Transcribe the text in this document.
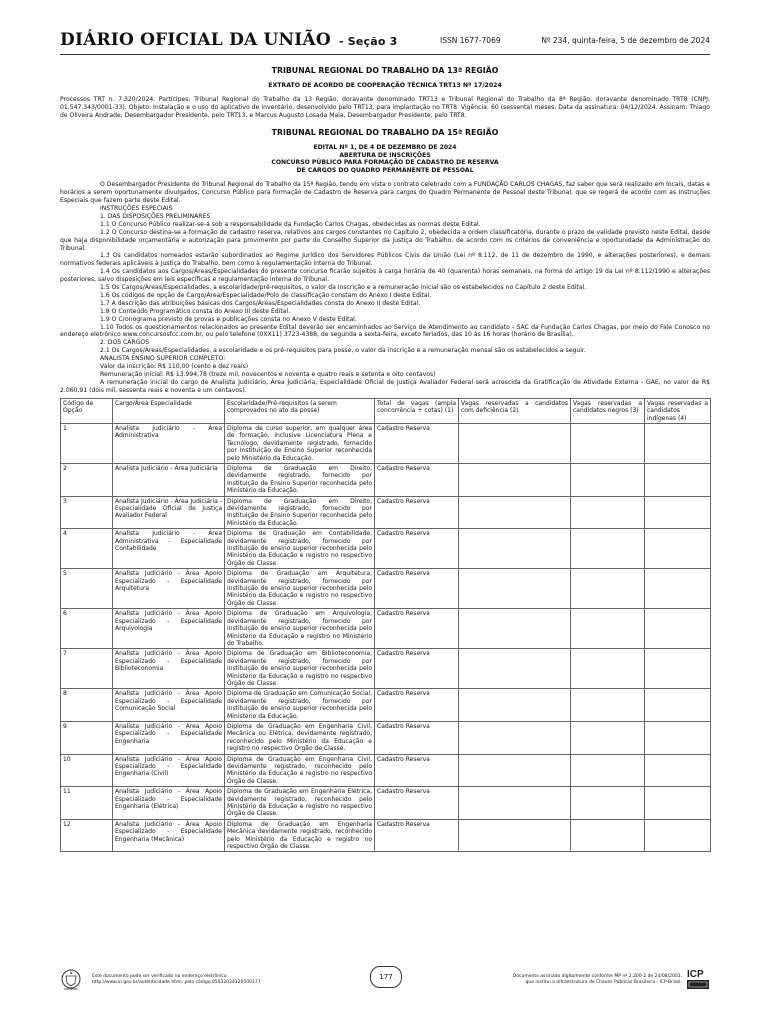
DIÁRIO OFICIAL DA UNIÃO - Seção 3	ISSN 1677-7069	Nº 234, quinta-feira, 5 de dezembro de 2024
TRIBUNAL REGIONAL DO TRABALHO DA 13ª REGIÃO
EXTRATO DE ACORDO DE COOPERAÇÃO TÉCNICA TRT13 Nº 17/2024
Processos TRT n. 7.320/2024. Partícipes: Tribunal Regional do Trabalho da 13 Região, doravante denominado TRT13 e Tribunal Regional do Trabalho da 8ª Região, doravante denominado TRT8 (CNPJ: 01.547.343/0001-33). Objeto: Instalação e o uso do aplicativo de inventário, desenvolvido pelo TRT13, para implantação no TRT8. Vigência: 60 (sessenta) meses. Data da assinatura: 04/12/2024. Assinam: Thiago de Oliveira Andrade, Desembargador Presidente, pelo TRT13, e Marcus Augusto Losada Maia, Desembargador Presidente, pelo TRT8.
TRIBUNAL REGIONAL DO TRABALHO DA 15ª REGIÃO
EDITAL Nº 1, DE 4 DE DEZEMBRO DE 2024
ABERTURA DE INSCRIÇÕES
CONCURSO PÚBLICO PARA FORMAÇÃO DE CADASTRO DE RESERVA
DE CARGOS DO QUADRO PERMANENTE DE PESSOAL

O Desembargador Presidente do Tribunal Regional do Trabalho da 15ª Região, tendo em vista o contrato celebrado com a FUNDAÇÃO CARLOS CHAGAS, faz saber que será realizado em locais, datas e horários a serem oportunamente divulgados, Concurso Público para formação de Cadastro de Reserva para cargos do Quadro Permanente de Pessoal deste Tribunal, que se regerá de acordo com as Instruções Especiais que fazem parte deste Edital.

INSTRUÇÕES ESPECIAIS
1. DAS DISPOSIÇÕES PRELIMINARES

1.1 O Concurso Público realizar-se-á sob a responsabilidade da Fundação Carlos Chagas, obedecidas as normas deste Edital.

1.2 O Concurso destina-se a formação de cadastro reserva, relativos aos cargos constantes no Capítulo 2, obedecida a ordem classificatória, durante o prazo de validade previsto neste Edital, desde que haja disponibilidade orçamentária e autorização para provimento por parte do Conselho Superior da Justiça do Trabalho, de acordo com os critérios de conveniência e oportunidade da Administração do Tribunal.

1.3 Os candidatos nomeados estarão subordinados ao Regime Jurídico dos Servidores Públicos Civis da União (Lei nº 8.112, de 11 de dezembro de 1990, e alterações posteriores), e demais normativos federais aplicáveis à Justiça do Trabalho, bem como à regulamentação interna do Tribunal.

1.4 Os candidatos aos Cargos/Áreas/Especialidades do presente concurso ficarão sujeitos à carga horária de 40 (quarenta) horas semanais, na forma do artigo 19 da Lei nº 8.112/1990 e alterações posteriores, salvo disposições em leis específicas e regulamentação interna do Tribunal.

1.5 Os Cargos/Áreas/Especialidades, a escolaridade/pré-requisitos, o valor da inscrição e a remuneração inicial são os estabelecidos no Capítulo 2 deste Edital.

1.6 Os códigos de opção de Cargo/Área/Especialidade/Polo de classificação constam do Anexo I deste Edital.

1.7 A descrição das atribuições básicas dos Cargos/Áreas/Especialidades consta do Anexo II deste Edital.

1.8 O Conteúdo Programático consta do Anexo III deste Edital.

1.9 O Cronograma previsto de provas e publicações consta no Anexo V deste Edital.

1.10 Todos os questionamentos relacionados ao presente Edital deverão ser encaminhados ao Serviço de Atendimento ao candidato - SAC da Fundação Carlos Chagas, por meio do Fale Conosco no endereço eletrônico www.concursosfcc.com.br, ou pelo telefone (0XX11) 3723-4388, de segunda a sexta-feira, exceto feriados, das 10 às 16 horas (horário de Brasília).

2. DOS CARGOS

2.1 Os Cargos/Áreas/Especialidades, a escolaridade e os pré-requisitos para posse, o valor da inscrição e a remuneração mensal são os estabelecidos a seguir.

ANALISTA ENSINO SUPERIOR COMPLETO:
Valor da inscrição: R$ 110,00 (cento e dez reais)
Remuneração inicial: R$ 13.994,78 (treze mil, novecentos e noventa e quatro reais e setenta e oito centavos)

A remuneração inicial do cargo de Analista Judiciário, Área Judiciária, Especialidade Oficial de Justiça Avaliador Federal será acrescida da Gratificação de Atividade Externa - GAE, no valor de R$ 2.060,91 (dois mil, sessenta reais e noventa e um centavos).

Código de Opção	Cargo/Área Especialidade	Escolaridade/Pré-requisitos (a serem comprovados no ato da posse)	Total de vagas (ampla concorrência + cotas) (1)	Vagas reservadas a candidatos com deficiência (2)	Vagas reservadas a candidatos negros (3)	Vagas reservadas a candidatos indígenas (4)
1	Analista Judiciário - Área Administrativa	Diploma de curso superior, em qualquer área de formação, inclusive Licenciatura Plena e Tecnólogo, devidamente registrado, fornecido por Instituição de Ensino Superior reconhecida pelo Ministério da Educação.	Cadastro Reserva			
2	Analista Judiciário - Área Judiciária	Diploma de Graduação em Direito, devidamente registrado, fornecido por Instituição de Ensino Superior reconhecida pelo Ministério da Educação.	Cadastro Reserva			
3	Analista Judiciário - Área Judiciária - Especialidade Oficial de Justiça Avaliador Federal	Diploma de Graduação em Direito, devidamente registrado, fornecido por Instituição de Ensino Superior reconhecida pelo Ministério da Educação.	Cadastro Reserva			
4	Analista Judiciário - Área Administrativa - Especialidade Contabilidade	Diploma de Graduação em Contabilidade, devidamente registrado, fornecido por instituição de ensino superior reconhecida pelo Ministério da Educação e registro no respectivo Órgão de Classe.	Cadastro Reserva			
5	Analista Judiciário - Área Apoio Especializado - Especialidade Arquitetura	Diploma de Graduação em Arquitetura, devidamente registrado, fornecido por instituição de ensino superior reconhecida pelo Ministério da Educação e registro no respectivo Órgão de Classe.	Cadastro Reserva			
6	Analista Judiciário - Área Apoio Especializado - Especialidade Arquivologia	Diploma de Graduação em Arquivologia, devidamente registrado, fornecido por instituição de ensino superior reconhecida pelo Ministério da Educação e registro no Ministério do Trabalho.	Cadastro Reserva			
7	Analista Judiciário - Área Apoio Especializado - Especialidade Biblioteconomia	Diploma de Graduação em Biblioteconomia, devidamente registrado, fornecido por instituição de ensino superior reconhecida pelo Ministério da Educação e registro no respectivo Órgão de Classe.	Cadastro Reserva			
8	Analista Judiciário - Área Apoio Especializado - Especialidade Comunicação Social	Diploma de Graduação em Comunicação Social, devidamente registrado, fornecido por instituição de ensino superior reconhecida pelo Ministério da Educação.	Cadastro Reserva			
9	Analista Judiciário - Área Apoio Especializado - Especialidade Engenharia	Diploma de Graduação em Engenharia Civil, Mecânica ou Elétrica, devidamente registrado, reconhecido pelo Ministério da Educação e registro no respectivo Órgão de Classe.	Cadastro Reserva			
10	Analista Judiciário - Área Apoio Especializado - Especialidade Engenharia (Civil)	Diploma de Graduação em Engenharia Civil, devidamente registrado, reconhecido pelo Ministério da Educação e registro no respectivo Órgão de Classe.	Cadastro Reserva			
11	Analista Judiciário - Área Apoio Especializado - Especialidade Engenharia (Elétrica)	Diploma de Graduação em Engenharia Elétrica, devidamente registrado, reconhecido pelo Ministério da Educação e registro no respectivo Órgão de Classe.	Cadastro Reserva			
12	Analista Judiciário - Área Apoio Especializado - Especialidade Engenharia (Mecânica)	Diploma de Graduação em Engenharia Mecânica devidamente registrado, reconhecido pelo Ministério da Educação e registro no respectivo Órgão de Classe.	Cadastro Reserva			
Este documento pode ser verificado no endereço eletrônico
http://www.in.gov.br/autenticidade.html, pelo código 05032024120500177
177	Documento assinado digitalmente conforme MP nº 2.200-2 de 24/08/2001,
que institui a Infraestrutura de Chaves Públicas Brasileira - ICP-Brasil.
ICP
